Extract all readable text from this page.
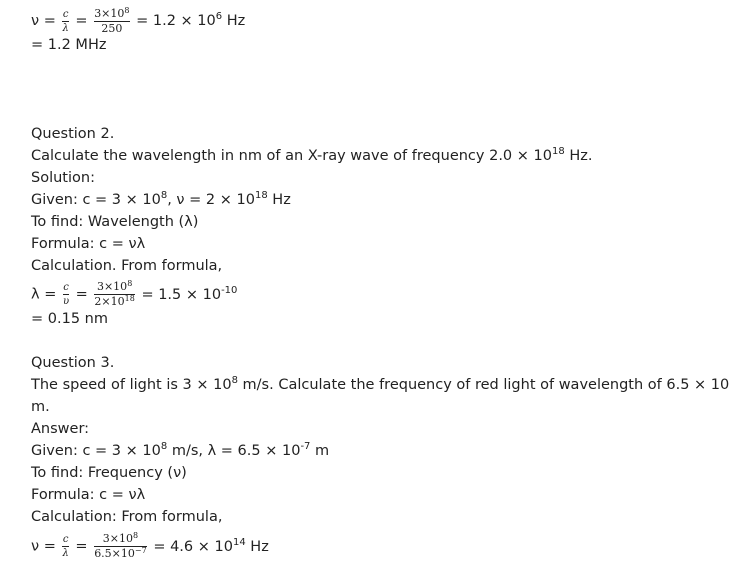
$\nu = \frac{c}{\lambda} = \frac{3\times 10^8}{250} = 1.2 \times 10^6$ Hz
= 1.2 MHz
Question 2.
Calculate the wavelength in nm of an X-ray wave of frequency $2.0 \times 10^{18}$ Hz.
Solution:
Given: $c = 3 \times 10^8$, $\nu = 2 \times 10^{18}$ Hz
To find: Wavelength (λ)
Formula: c = νλ
Calculation. From formula,
$\lambda = \frac{c}{\upsilon} = \frac{3\times 10^8}{2\times 10^{18}} = 1.5 \times 10^{-10}$
= 0.15 nm
Question 3.
The speed of light is $3 \times 10^8$ m/s. Calculate the frequency of red light of wavelength of 6.5 × 10
m.
Answer:
Given: $c = 3 \times 10^8$ m/s, $\lambda = 6.5 \times 10^{-7}$ m
To find: Frequency (ν)
Formula: c = νλ
Calculation: From formula,
$\nu = \frac{c}{\lambda} = \frac{3\times 10^8}{6.5\times 10^{-7}} = 4.6 \times 10^{14}$ Hz
